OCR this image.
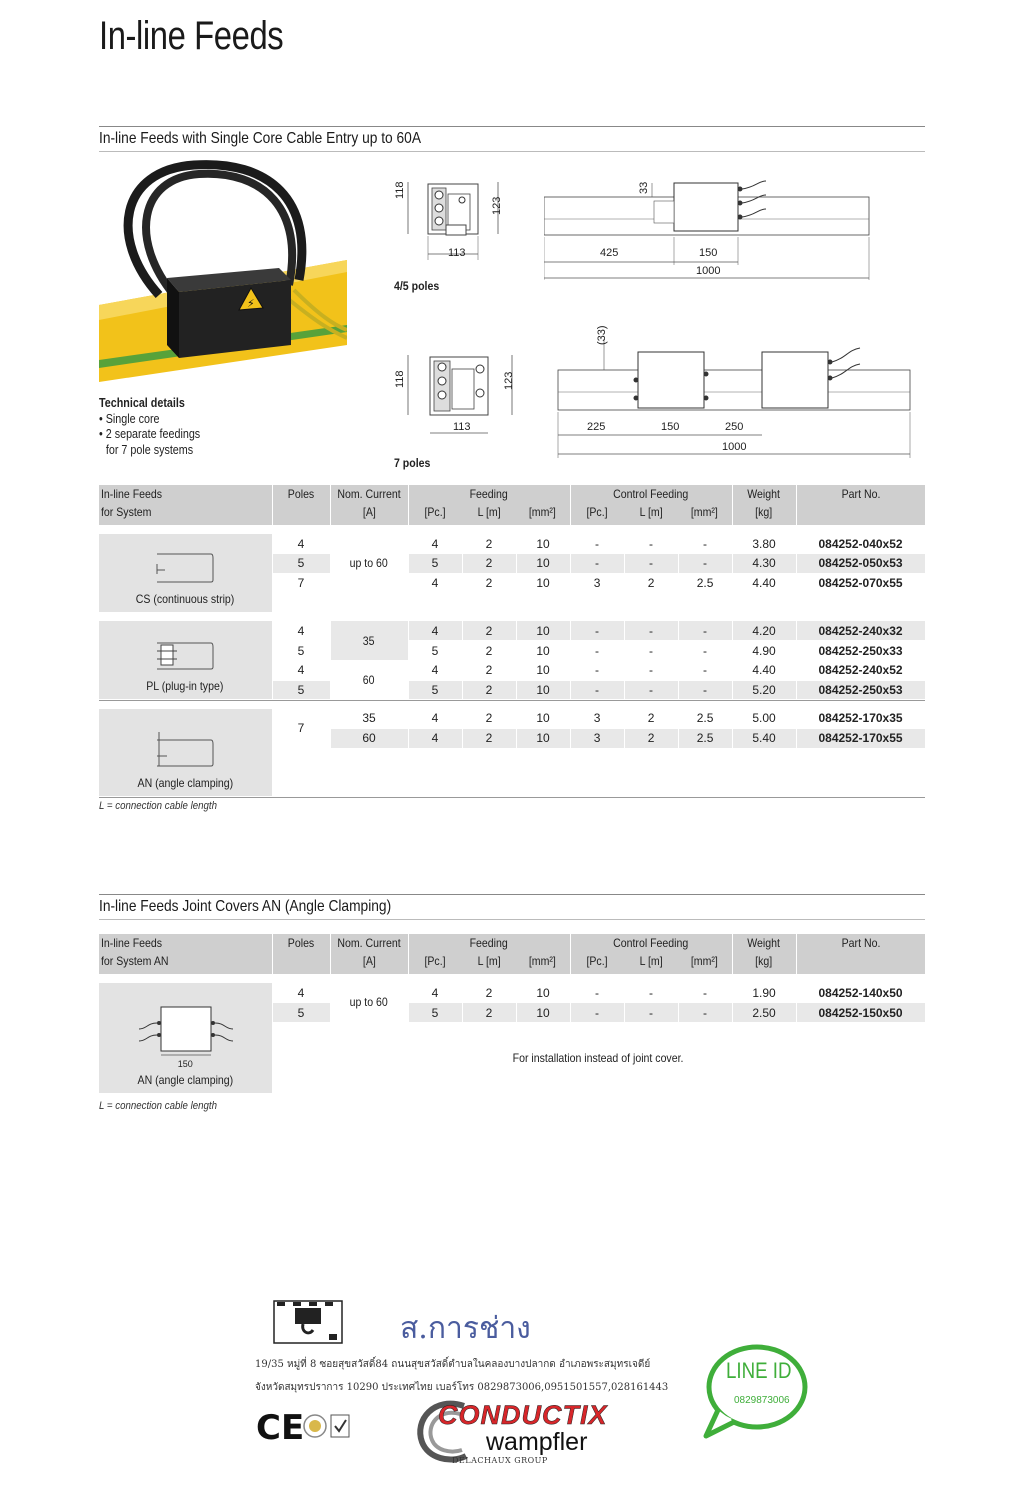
In-line Feeds
In-line Feeds with Single Core Cable Entry up to 60A
⚡
Technical details
• Single core
• 2 separate feedings
for 7 pole systems
118
123
113
4/5 poles
33
425	150
1000
118	123
113
7 poles
(33)
225	150	250
1000
In-line Feeds	Poles	Nom. Current	Feeding			Control Feeding			Weight	Part No.
for System		[A]	[Pc.]	L [m]	[mm²]	[Pc.]	L [m]	[mm²]	[kg]	

CS (continuous strip)	4	up to 60	4	2	10	-	-	-	3.80	084252-040x52
	5		5	2	10	-	-	-	4.30	084252-050x53
	7		4	2	10	3	2	2.5	4.40	084252-070x55

PL (plug-in type)	4	35	4	2	10	-	-	-	4.20	084252-240x32
	5		5	2	10	-	-	-	4.90	084252-250x33
	4	60	4	2	10	-	-	-	4.40	084252-240x52
	5		5	2	10	-	-	-	5.20	084252-250x53

AN (angle clamping)	7	35	4	2	10	3	2	2.5	5.00	084252-170x35
		60	4	2	10	3	2	2.5	5.40	084252-170x55

L = connection cable length
In-line Feeds Joint Covers AN (Angle Clamping)
In-line Feeds	Poles	Nom. Current	Feeding			Control Feeding			Weight	Part No.
for System AN		[A]	[Pc.]	L [m]	[mm²]	[Pc.]	L [m]	[mm²]	[kg]	

150
AN (angle clamping)	4	up to 60	4	2	10	-	-	-	1.90	084252-140x50
	5		5	2	10	-	-	-	2.50	084252-150x50
	For installation instead of joint cover.									

L = connection cable length
ส.การช่าง
19/35 หมู่ที่ 8 ซอยสุขสวัสดิ์84 ถนนสุขสวัสดิ์ตำบลในคลองบางปลากด อำเภอพระสมุทรเจดีย์
จังหวัดสมุทรปราการ 10290 ประเทศไทย เบอร์โทร 0829873006,0951501557,028161443
CE	CONDUCTIX
wampfler
DELACHAUX GROUP
LINE ID
0829873006
